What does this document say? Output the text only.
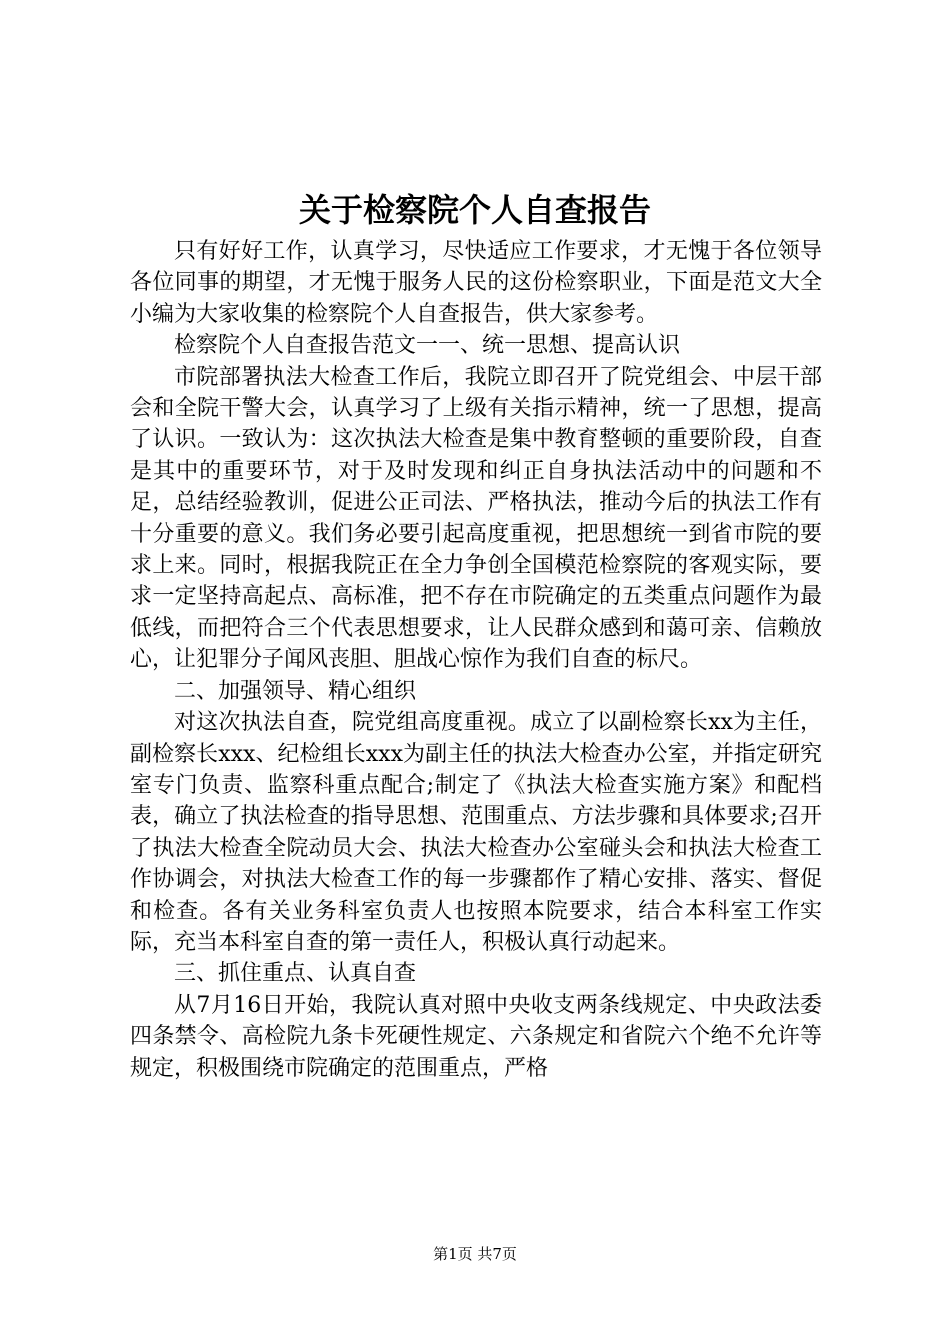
关于检察院个人自查报告

只有好好工作，认真学习，尽快适应工作要求，才无愧于各位领导各位同事的期望，才无愧于服务人民的这份检察职业，下面是范文大全小编为大家收集的检察院个人自查报告，供大家参考。

检察院个人自查报告范文一一、统一思想、提高认识

市院部署执法大检查工作后，我院立即召开了院党组会、中层干部会和全院干警大会，认真学习了上级有关指示精神，统一了思想，提高了认识。一致认为：这次执法大检查是集中教育整顿的重要阶段，自查是其中的重要环节，对于及时发现和纠正自身执法活动中的问题和不足，总结经验教训，促进公正司法、严格执法，推动今后的执法工作有十分重要的意义。我们务必要引起高度重视，把思想统一到省市院的要求上来。同时，根据我院正在全力争创全国模范检察院的客观实际，要求一定坚持高起点、高标准，把不存在市院确定的五类重点问题作为最低线，而把符合三个代表思想要求，让人民群众感到和蔼可亲、信赖放心，让犯罪分子闻风丧胆、胆战心惊作为我们自查的标尺。

二、加强领导、精心组织

对这次执法自查，院党组高度重视。成立了以副检察长xx为主任，副检察长xxx、纪检组长xxx为副主任的执法大检查办公室，并指定研究室专门负责、监察科重点配合;制定了《执法大检查实施方案》和配档表，确立了执法检查的指导思想、范围重点、方法步骤和具体要求;召开了执法大检查全院动员大会、执法大检查办公室碰头会和执法大检查工作协调会，对执法大检查工作的每一步骤都作了精心安排、落实、督促和检查。各有关业务科室负责人也按照本院要求，结合本科室工作实际，充当本科室自查的第一责任人，积极认真行动起来。

三、抓住重点、认真自查

从7月16日开始，我院认真对照中央收支两条线规定、中央政法委四条禁令、高检院九条卡死硬性规定、六条规定和省院六个绝不允许等规定，积极围绕市院确定的范围重点，严格

第1页 共7页
